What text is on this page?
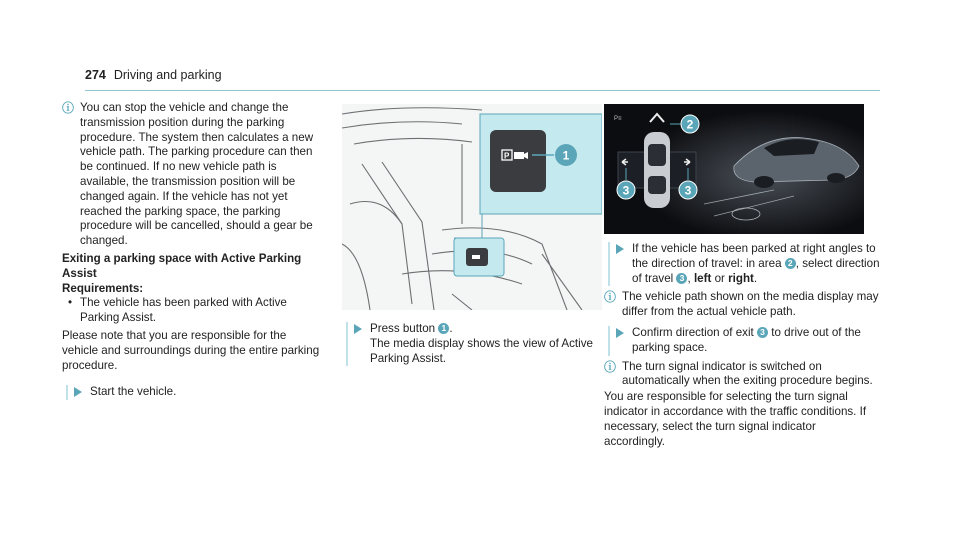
274 Driving and parking
ⓘ You can stop the vehicle and change the transmission position during the parking procedure. The system then calculates a new vehicle path. The parking procedure can then be continued. If no new vehicle path is available, the transmission position will be changed again. If the vehicle has not yet reached the parking space, the parking procedure will be cancelled, should a gear be changed.
Exiting a parking space with Active Parking
Assist
Requirements:
• The vehicle has been parked with Active Parking Assist.
Please note that you are responsible for the vehicle and surroundings during the entire parking procedure.
Start the vehicle.
P	1
Press button 1 .
The media display shows the view of Active Parking Assist.
P≡	2
3	3
If the vehicle has been parked at right angles to the direction of travel: in area 2 , select direction of travel 3 , left or right.
ⓘ The vehicle path shown on the media display may differ from the actual vehicle path.
Confirm direction of exit 3 to drive out of the parking space.
ⓘ The turn signal indicator is switched on automatically when the exiting procedure begins.
You are responsible for selecting the turn signal indicator in accordance with the traffic conditions. If necessary, select the turn signal indicator accordingly.
